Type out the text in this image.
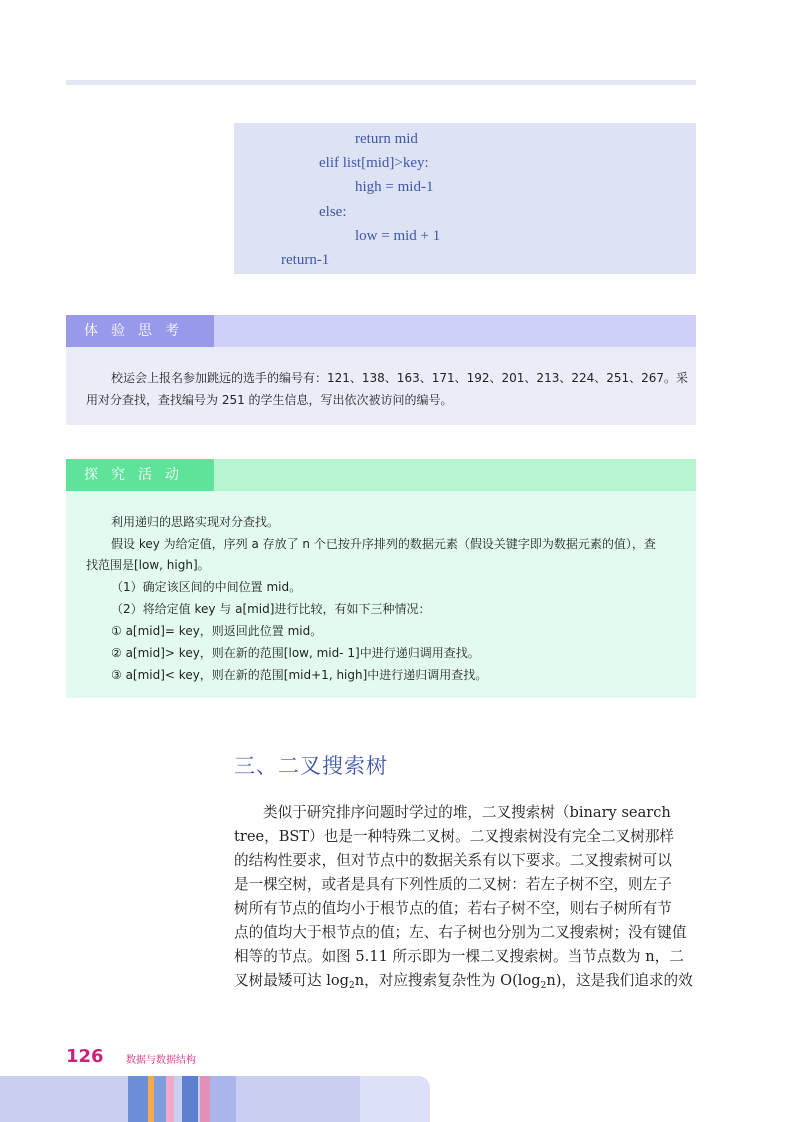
return mid
elif list[mid]>key:
high = mid-1
else:
low = mid + 1
return-1
体验思考
校运会上报名参加跳远的选手的编号有：121、138、163、171、192、201、213、224、251、267。采
用对分查找，查找编号为 251 的学生信息，写出依次被访问的编号。
探究活动
利用递归的思路实现对分查找。
假设 key 为给定值，序列 a 存放了 n 个已按升序排列的数据元素（假设关键字即为数据元素的值），查
找范围是[low, high]。
（1）确定该区间的中间位置 mid。
（2）将给定值 key 与 a[mid]进行比较，有如下三种情况：
① a[mid]= key，则返回此位置 mid。
② a[mid]> key，则在新的范围[low, mid- 1]中进行递归调用查找。
③ a[mid]< key，则在新的范围[mid+1, high]中进行递归调用查找。
三、二叉搜索树
类似于研究排序问题时学过的堆，二叉搜索树（binary search
tree，BST）也是一种特殊二叉树。二叉搜索树没有完全二叉树那样
的结构性要求，但对节点中的数据关系有以下要求。二叉搜索树可以
是一棵空树，或者是具有下列性质的二叉树：若左子树不空，则左子
树所有节点的值均小于根节点的值；若右子树不空，则右子树所有节
点的值均大于根节点的值；左、右子树也分别为二叉搜索树；没有键值
相等的节点。如图 5.11 所示即为一棵二叉搜索树。当节点数为 n，二
叉树最矮可达 $\log_2n$，对应搜索复杂性为 $O(\log_2n)$，这是我们追求的效
126 数据与数据结构
